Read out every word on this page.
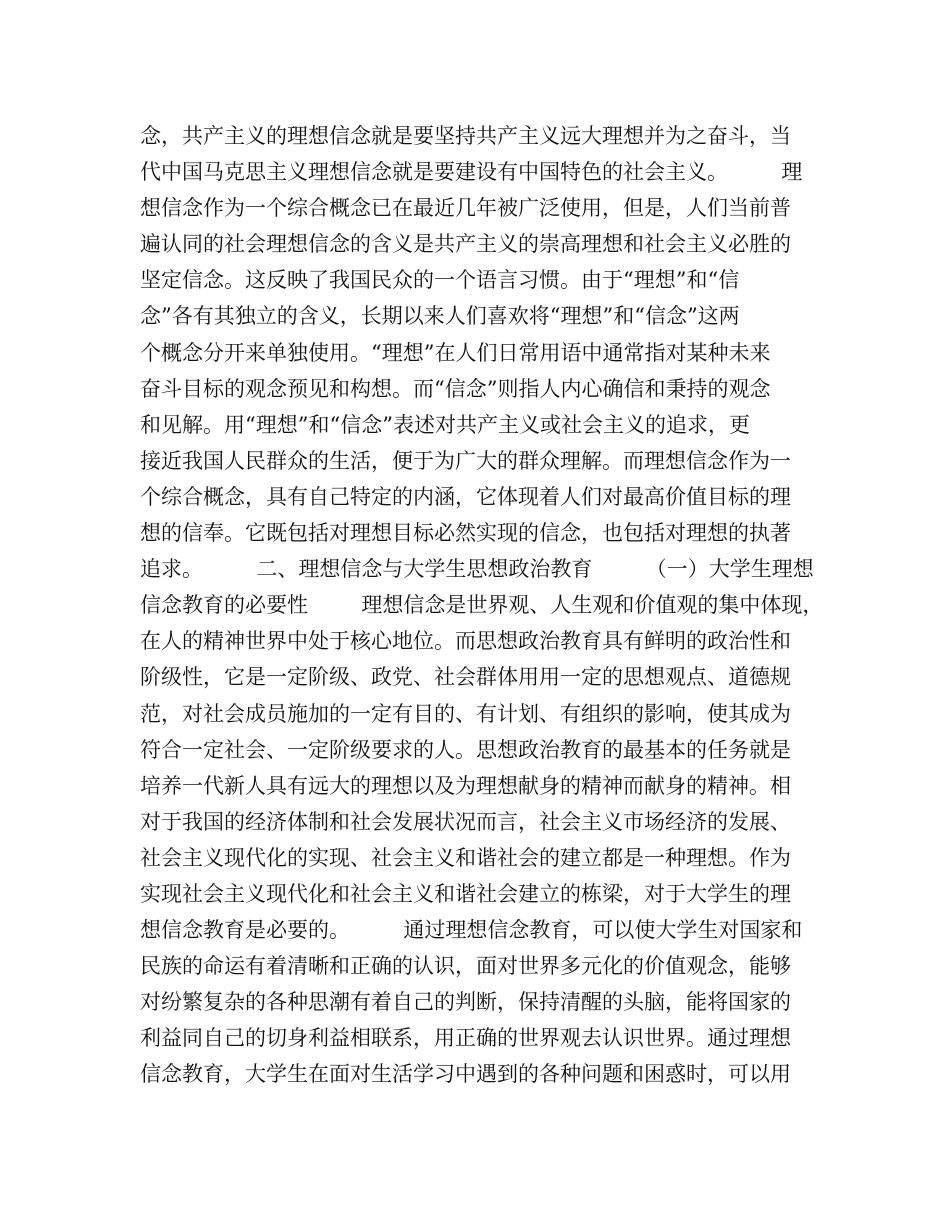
念，共产主义的理想信念就是要坚持共产主义远大理想并为之奋斗，当
代中国马克思主义理想信念就是要建设有中国特色的社会主义。        理
想信念作为一个综合概念已在最近几年被广泛使用，但是，人们当前普
遍认同的社会理想信念的含义是共产主义的崇高理想和社会主义必胜的
坚定信念。这反映了我国民众的一个语言习惯。由于“理想”和“信
念”各有其独立的含义，长期以来人们喜欢将“理想”和“信念”这两
个概念分开来单独使用。“理想”在人们日常用语中通常指对某种未来
奋斗目标的观念预见和构想。而“信念”则指人内心确信和秉持的观念
和见解。用“理想”和“信念”表述对共产主义或社会主义的追求，更
接近我国人民群众的生活，便于为广大的群众理解。而理想信念作为一
个综合概念，具有自己特定的内涵，它体现着人们对最高价值目标的理
想的信奉。它既包括对理想目标必然实现的信念，也包括对理想的执著
追求。        二、理想信念与大学生思想政治教育        （一）大学生理想
信念教育的必要性        理想信念是世界观、人生观和价值观的集中体现，
在人的精神世界中处于核心地位。而思想政治教育具有鲜明的政治性和
阶级性，它是一定阶级、政党、社会群体用用一定的思想观点、道德规
范，对社会成员施加的一定有目的、有计划、有组织的影响，使其成为
符合一定社会、一定阶级要求的人。思想政治教育的最基本的任务就是
培养一代新人具有远大的理想以及为理想献身的精神而献身的精神。相
对于我国的经济体制和社会发展状况而言，社会主义市场经济的发展、
社会主义现代化的实现、社会主义和谐社会的建立都是一种理想。作为
实现社会主义现代化和社会主义和谐社会建立的栋梁，对于大学生的理
想信念教育是必要的。        通过理想信念教育，可以使大学生对国家和
民族的命运有着清晰和正确的认识，面对世界多元化的价值观念，能够
对纷繁复杂的各种思潮有着自己的判断，保持清醒的头脑，能将国家的
利益同自己的切身利益相联系，用正确的世界观去认识世界。通过理想
信念教育，大学生在面对生活学习中遇到的各种问题和困惑时，可以用
